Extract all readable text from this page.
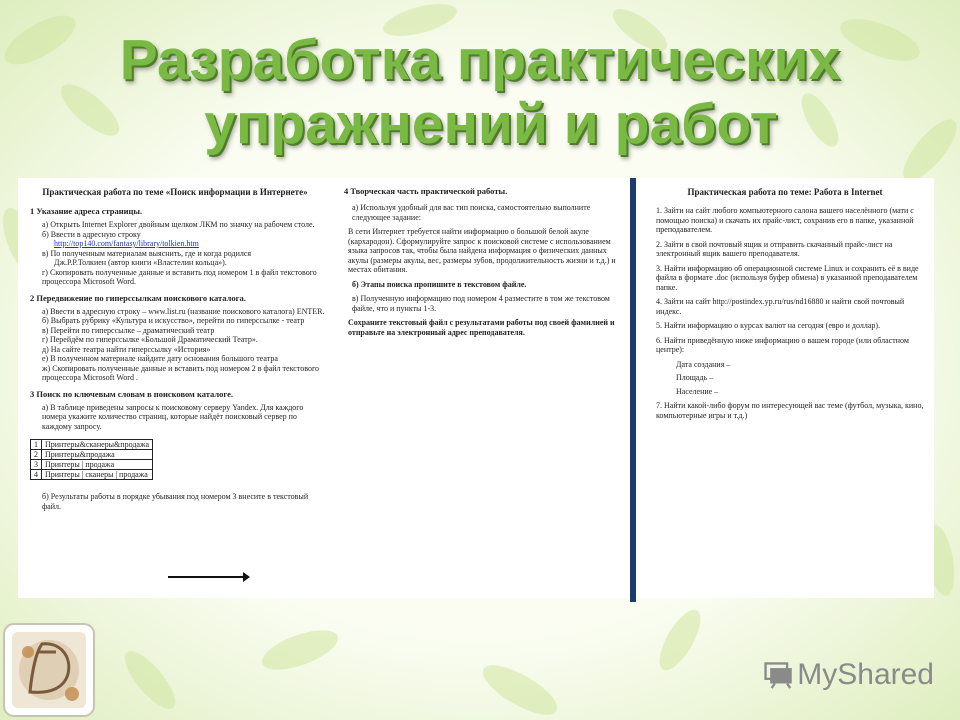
Разработка практических
упражнений и работ
Практическая работа по теме «Поиск информации в Интернете»
1 Указание адреса страницы.
а) Открыть Internet Explorer двойным щелком ЛКМ по значку на рабочем столе.
б) Ввести в адресную строку
http://top140.com/fantasy/library/tolkien.htm
в) По полученным материалам выяснить, где и когда родился
Дж.Р.Р.Толкиен (автор книги «Властелин кольца»).
г) Скопировать полученные данные и вставить под номером 1 в файл текстового процессора Microsoft Word.
2 Передвижение по гиперссылкам поискового каталога.
а) Ввести в адресную строку – www.list.ru (название поискового каталога) ENTER.
б) Выбрать рубрику «Культура и искусство», перейти по гиперссылке - театр
в) Перейти по гиперссылке – драматический театр
г) Перейдём по гиперссылке «Большой Драматический Театр».
д) На сайте театра найти гиперссылку «История»
е) В полученном материале найдите дату основания большого театра
ж) Скопировать полученные данные и вставить под номером 2 в файл текстового процессора Microsoft Word .
3 Поиск по ключевым словам в поисковом каталоге.
а) В таблице приведены запросы к поисковому серверу Yandex. Для каждого номера укажите количество страниц, которые найдёт поисковый сервер по каждому запросу.
1	Принтеры&сканеры&продажа
2	Принтеры&продажа
3	Принтеры | продажа
4	Принтеры | сканеры | продажа
б) Результаты работы в порядке убывания под номером 3 внесите в текстовый файл.
4 Творческая часть практической работы.
а) Используя удобный для вас тип поиска, самостоятельно выполните следующее задание:
В сети Интернет требуется найти информацию о большой белой акуле (кархародон). Сформулируйте запрос к поисковой системе с использованием языка запросов так, чтобы была найдена информация о физических данных акулы (размеры акулы, вес, размеры зубов, продолжительность жизни и т.д.) и местах обитания.
б) Этапы поиска пропишите в текстовом файле.
в) Полученную информацию под номером 4 разместите в том же текстовом файле, что и пункты 1-3.
Сохраните текстовый файл с результатами работы под своей фамилией и отправьте на электронный адрес преподавателя.
Практическая работа по теме: Работа в Internet
1. Зайти на сайт любого компьютерного салона вашего населённого (мати с помощью поиска) и скачать их прайс-лист, сохранив его в папке, указанной преподавателем.
2. Зайти в свой почтовый ящик и отправить скачанный прайс-лист на электронный ящик вашего преподавателя.
3. Найти информацию об операционной системе Linux и сохранить её в виде файла в формате .doc (используя буфер обмена) в указанной преподавателем папке.
4. Зайти на сайт http://postindex.yp.ru/rus/nd16880 и найти свой почтовый индекс.
5. Найти информацию о курсах валют на сегодня (евро и доллар).
6. Найти приведённую ниже информацию о вашем городе (или областном центре):
Дата создания –
Площадь –
Население –
7. Найти какой-либо форум по интересующей вас теме (футбол, музыка, кино, компьютерные игры и т.д.)
MyShared
